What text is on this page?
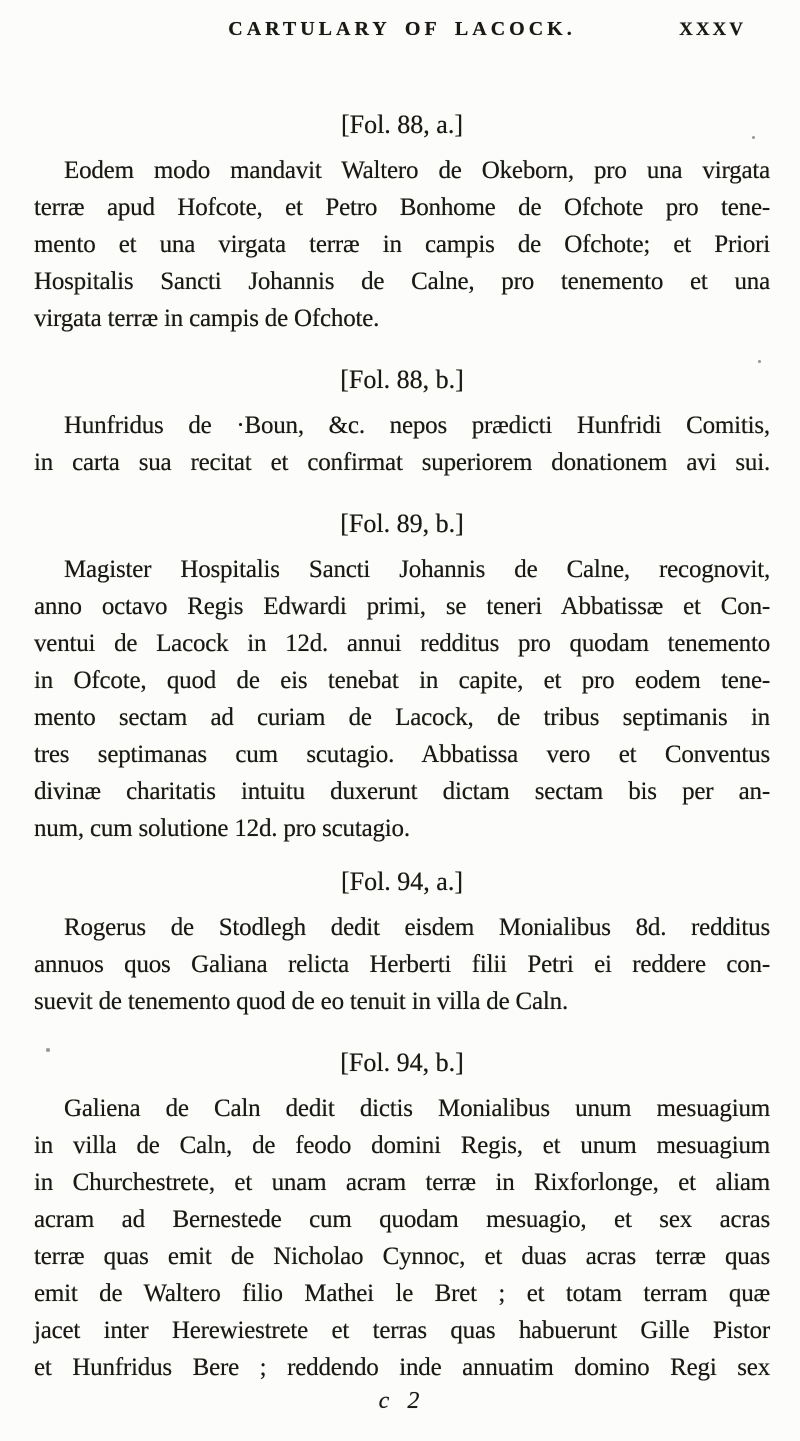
CARTULARY OF LACOCK.	XXXV
[Fol. 88, a.]
Eodem modo mandavit Waltero de Okeborn, pro una virgata
terræ apud Hofcote, et Petro Bonhome de Ofchote pro tene-
mento et una virgata terræ in campis de Ofchote; et Priori
Hospitalis Sancti Johannis de Calne, pro tenemento et una
virgata terræ in campis de Ofchote.
[Fol. 88, b.]
Hunfridus de ·Boun, &c. nepos prædicti Hunfridi Comitis,
in carta sua recitat et confirmat superiorem donationem avi sui.
[Fol. 89, b.]
Magister Hospitalis Sancti Johannis de Calne, recognovit,
anno octavo Regis Edwardi primi, se teneri Abbatissæ et Con-
ventui de Lacock in 12d. annui redditus pro quodam tenemento
in Ofcote, quod de eis tenebat in capite, et pro eodem tene-
mento sectam ad curiam de Lacock, de tribus septimanis in
tres septimanas cum scutagio. Abbatissa vero et Conventus
divinæ charitatis intuitu duxerunt dictam sectam bis per an-
num, cum solutione 12d. pro scutagio.
[Fol. 94, a.]
Rogerus de Stodlegh dedit eisdem Monialibus 8d. redditus
annuos quos Galiana relicta Herberti filii Petri ei reddere con-
suevit de tenemento quod de eo tenuit in villa de Caln.
[Fol. 94, b.]
Galiena de Caln dedit dictis Monialibus unum mesuagium
in villa de Caln, de feodo domini Regis, et unum mesuagium
in Churchestrete, et unam acram terræ in Rixforlonge, et aliam
acram ad Bernestede cum quodam mesuagio, et sex acras
terræ quas emit de Nicholao Cynnoc, et duas acras terræ quas
emit de Waltero filio Mathei le Bret ; et totam terram quæ
jacet inter Herewiestrete et terras quas habuerunt Gille Pistor
et Hunfridus Bere ; reddendo inde annuatim domino Regi sex
c 2
